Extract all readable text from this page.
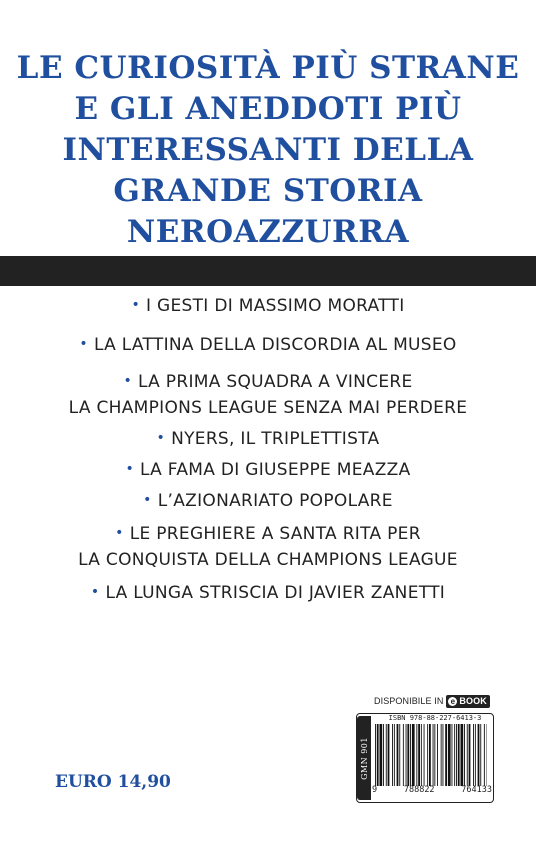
LE CURIOSITÀ PIÙ STRANE
E GLI ANEDDOTI PIÙ
INTERESSANTI DELLA
GRANDE STORIA
NEROAZZURRA
• I GESTI DI MASSIMO MORATTI
• LA LATTINA DELLA DISCORDIA AL MUSEO
• LA PRIMA SQUADRA A VINCERE
LA CHAMPIONS LEAGUE SENZA MAI PERDERE
• NYERS, IL TRIPLETTISTA
• LA FAMA DI GIUSEPPE MEAZZA
• L’AZIONARIATO POPOLARE
• LE PREGHIERE A SANTA RITA PER
LA CONQUISTA DELLA CHAMPIONS LEAGUE
• LA LUNGA STRISCIA DI JAVIER ZANETTI
EURO 14,90
DISPONIBILE IN e BOOK
GMN 901
ISBN 978-88-227-6413-3
9	788822	764133
